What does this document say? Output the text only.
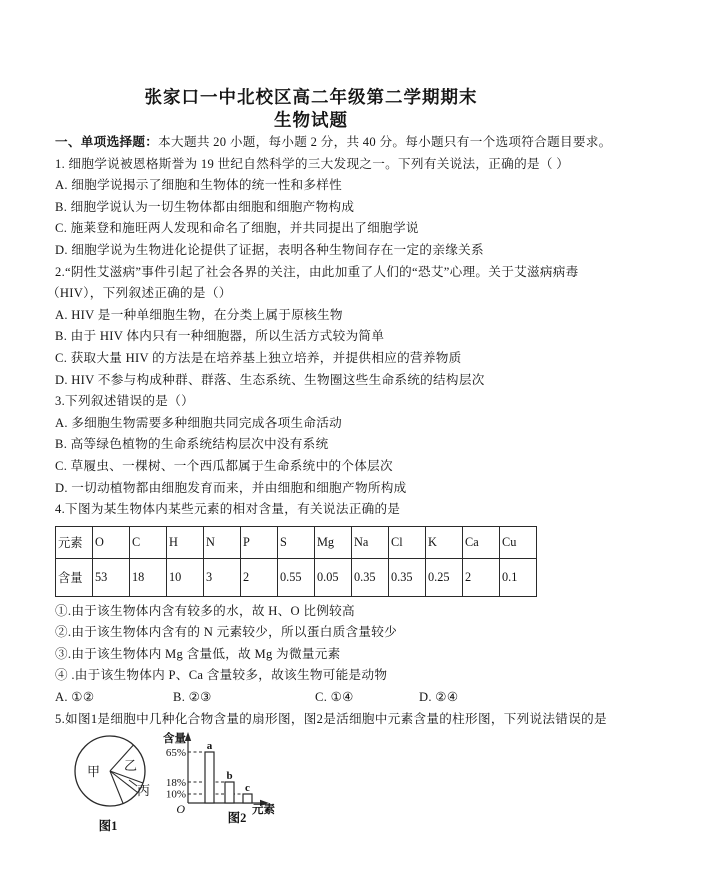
张家口一中北校区高二年级第二学期期末
生物试题
一、单项选择题：本大题共 20 小题，每小题 2 分，共 40 分。每小题只有一个选项符合题目要求。
1. 细胞学说被恩格斯誉为 19 世纪自然科学的三大发现之一。下列有关说法，正确的是（ ）
A. 细胞学说揭示了细胞和生物体的统一性和多样性
B. 细胞学说认为一切生物体都由细胞和细胞产物构成
C. 施莱登和施旺两人发现和命名了细胞，并共同提出了细胞学说
D. 细胞学说为生物进化论提供了证据，表明各种生物间存在一定的亲缘关系
2.“阴性艾滋病”事件引起了社会各界的关注，由此加重了人们的“恐艾”心理。关于艾滋病病毒
（HIV），下列叙述正确的是（）
A. HIV 是一种单细胞生物，在分类上属于原核生物
B. 由于 HIV 体内只有一种细胞器，所以生活方式较为简单
C. 获取大量 HIV 的方法是在培养基上独立培养，并提供相应的营养物质
D. HIV 不参与构成种群、群落、生态系统、生物圈这些生命系统的结构层次
3.下列叙述错误的是（）
A. 多细胞生物需要多种细胞共同完成各项生命活动
B. 高等绿色植物的生命系统结构层次中没有系统
C. 草履虫、一棵树、一个西瓜都属于生命系统中的个体层次
D. 一切动植物都由细胞发育而来，并由细胞和细胞产物所构成
4.下图为某生物体内某些元素的相对含量，有关说法正确的是
元素	O	C	H	N	P	S	Mg	Na	Cl	K	Ca	Cu
含量	53	18	10	3	2	0.55	0.05	0.35	0.35	0.25	2	0.1
①.由于该生物体内含有较多的水，故 H、O 比例较高
②.由于该生物体内含有的 N 元素较少，所以蛋白质含量较少
③.由于该生物体内 Mg 含量低，故 Mg 为微量元素
④ .由于该生物体内 P、Ca 含量较多，故该生物可能是动物
A. ①②	B. ②③	C. ①④	D. ②④
5.如图1是细胞中几种化合物含量的扇形图，图2是活细胞中元素含量的柱形图，下列说法错误的是
甲 乙
丙
图1
含量
65%
18%
10%
a
b
c
O	元素
图2
